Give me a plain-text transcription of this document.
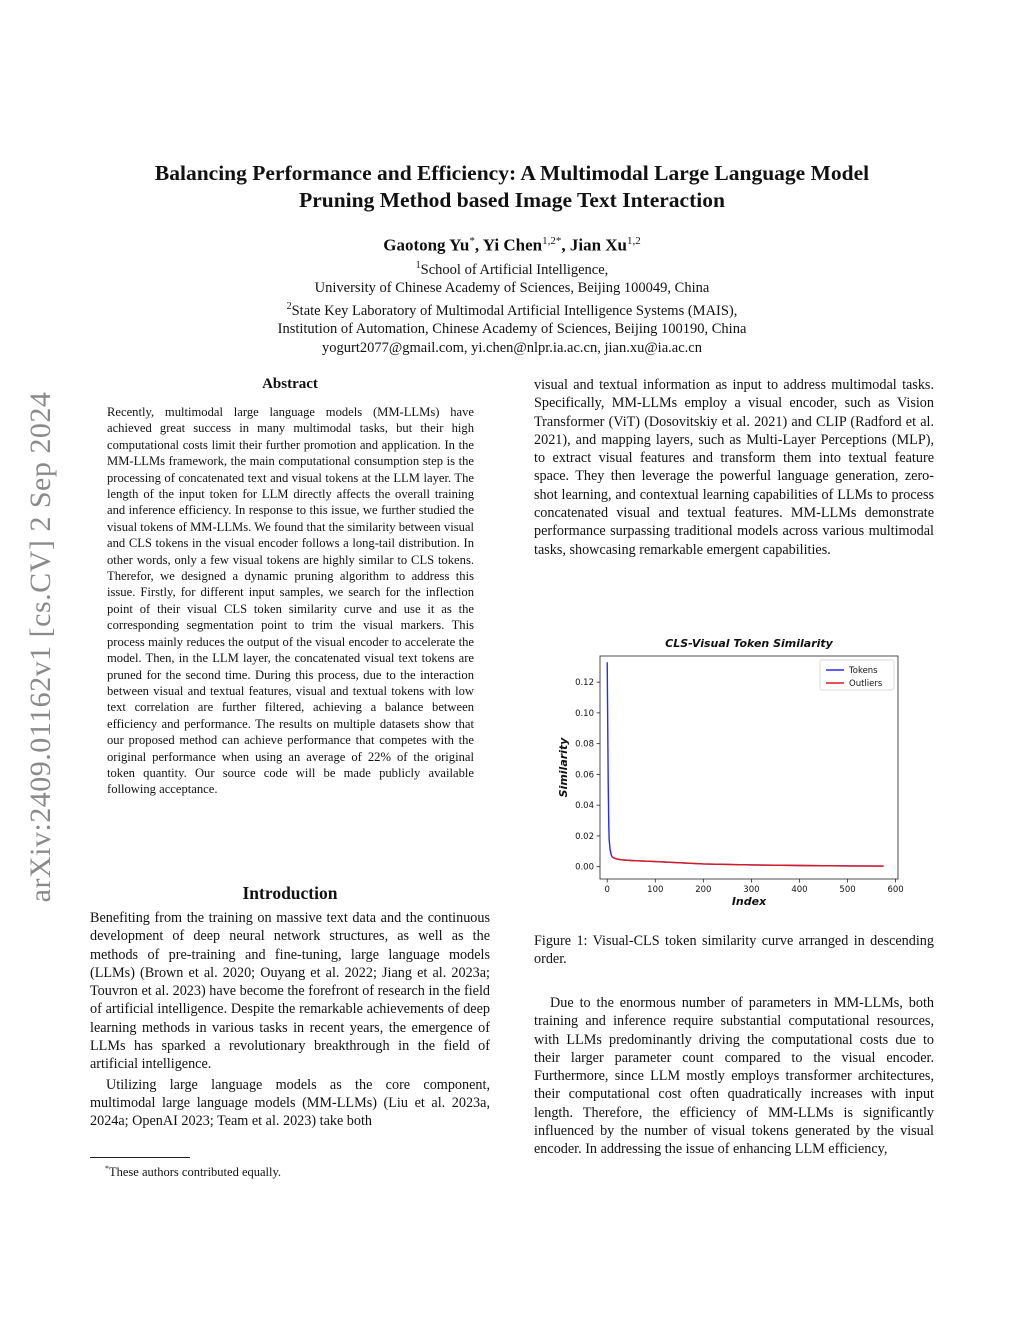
arXiv:2409.01162v1 [cs.CV] 2 Sep 2024
Balancing Performance and Efficiency: A Multimodal Large Language Model
Pruning Method based Image Text Interaction
Gaotong Yu*, Yi Chen$^{1,2*}$, Jian Xu$^{1,2}$
$^1$School of Artificial Intelligence,
University of Chinese Academy of Sciences, Beijing 100049, China
$^2$State Key Laboratory of Multimodal Artificial Intelligence Systems (MAIS),
Institution of Automation, Chinese Academy of Sciences, Beijing 100190, China
yogurt2077@gmail.com, yi.chen@nlpr.ia.ac.cn, jian.xu@ia.ac.cn
Abstract

Recently, multimodal large language models (MM-LLMs) have achieved great success in many multimodal tasks, but their high computational costs limit their further promotion and application. In the MM-LLMs framework, the main computational consumption step is the processing of concatenated text and visual tokens at the LLM layer. The length of the input token for LLM directly affects the overall training and inference efficiency. In response to this issue, we further studied the visual tokens of MM-LLMs. We found that the similarity between visual and CLS tokens in the visual encoder follows a long-tail distribution. In other words, only a few visual tokens are highly similar to CLS tokens. Therefor, we designed a dynamic pruning algorithm to address this issue. Firstly, for different input samples, we search for the inflection point of their visual CLS token similarity curve and use it as the corresponding segmentation point to trim the visual markers. This process mainly reduces the output of the visual encoder to accelerate the model. Then, in the LLM layer, the concatenated visual text tokens are pruned for the second time. During this process, due to the interaction between visual and textual features, visual and textual tokens with low text correlation are further filtered, achieving a balance between efficiency and performance. The results on multiple datasets show that our proposed method can achieve performance that competes with the original performance when using an average of 22% of the original token quantity. Our source code will be made publicly available following acceptance.

Introduction

Benefiting from the training on massive text data and the continuous development of deep neural network structures, as well as the methods of pre-training and fine-tuning, large language models (LLMs) (Brown et al. 2020; Ouyang et al. 2022; Jiang et al. 2023a; Touvron et al. 2023) have become the forefront of research in the field of artificial intelligence. Despite the remarkable achievements of deep learning methods in various tasks in recent years, the emergence of LLMs has sparked a revolutionary breakthrough in the field of artificial intelligence.

Utilizing large language models as the core component, multimodal large language models (MM-LLMs) (Liu et al. 2023a, 2024a; OpenAI 2023; Team et al. 2023) take both

*These authors contributed equally.

visual and textual information as input to address multimodal tasks. Specifically, MM-LLMs employ a visual encoder, such as Vision Transformer (ViT) (Dosovitskiy et al. 2021) and CLIP (Radford et al. 2021), and mapping layers, such as Multi-Layer Perceptions (MLP), to extract visual features and transform them into textual feature space. They then leverage the powerful language generation, zero-shot learning, and contextual learning capabilities of LLMs to process concatenated visual and textual features. MM-LLMs demonstrate performance surpassing traditional models across various multimodal tasks, showcasing remarkable emergent capabilities.

CLS-Visual Token Similarity
0	100	200	300	400	500	600
0.00
0.02
0.04
0.06
0.08
0.10
0.12
Index
Similarity
Tokens
Outliers

Figure 1: Visual-CLS token similarity curve arranged in descending order.

Due to the enormous number of parameters in MM-LLMs, both training and inference require substantial computational resources, with LLMs predominantly driving the computational costs due to their larger parameter count compared to the visual encoder. Furthermore, since LLM mostly employs transformer architectures, their computational cost often quadratically increases with input length. Therefore, the efficiency of MM-LLMs is significantly influenced by the number of visual tokens generated by the visual encoder. In addressing the issue of enhancing LLM efficiency,
